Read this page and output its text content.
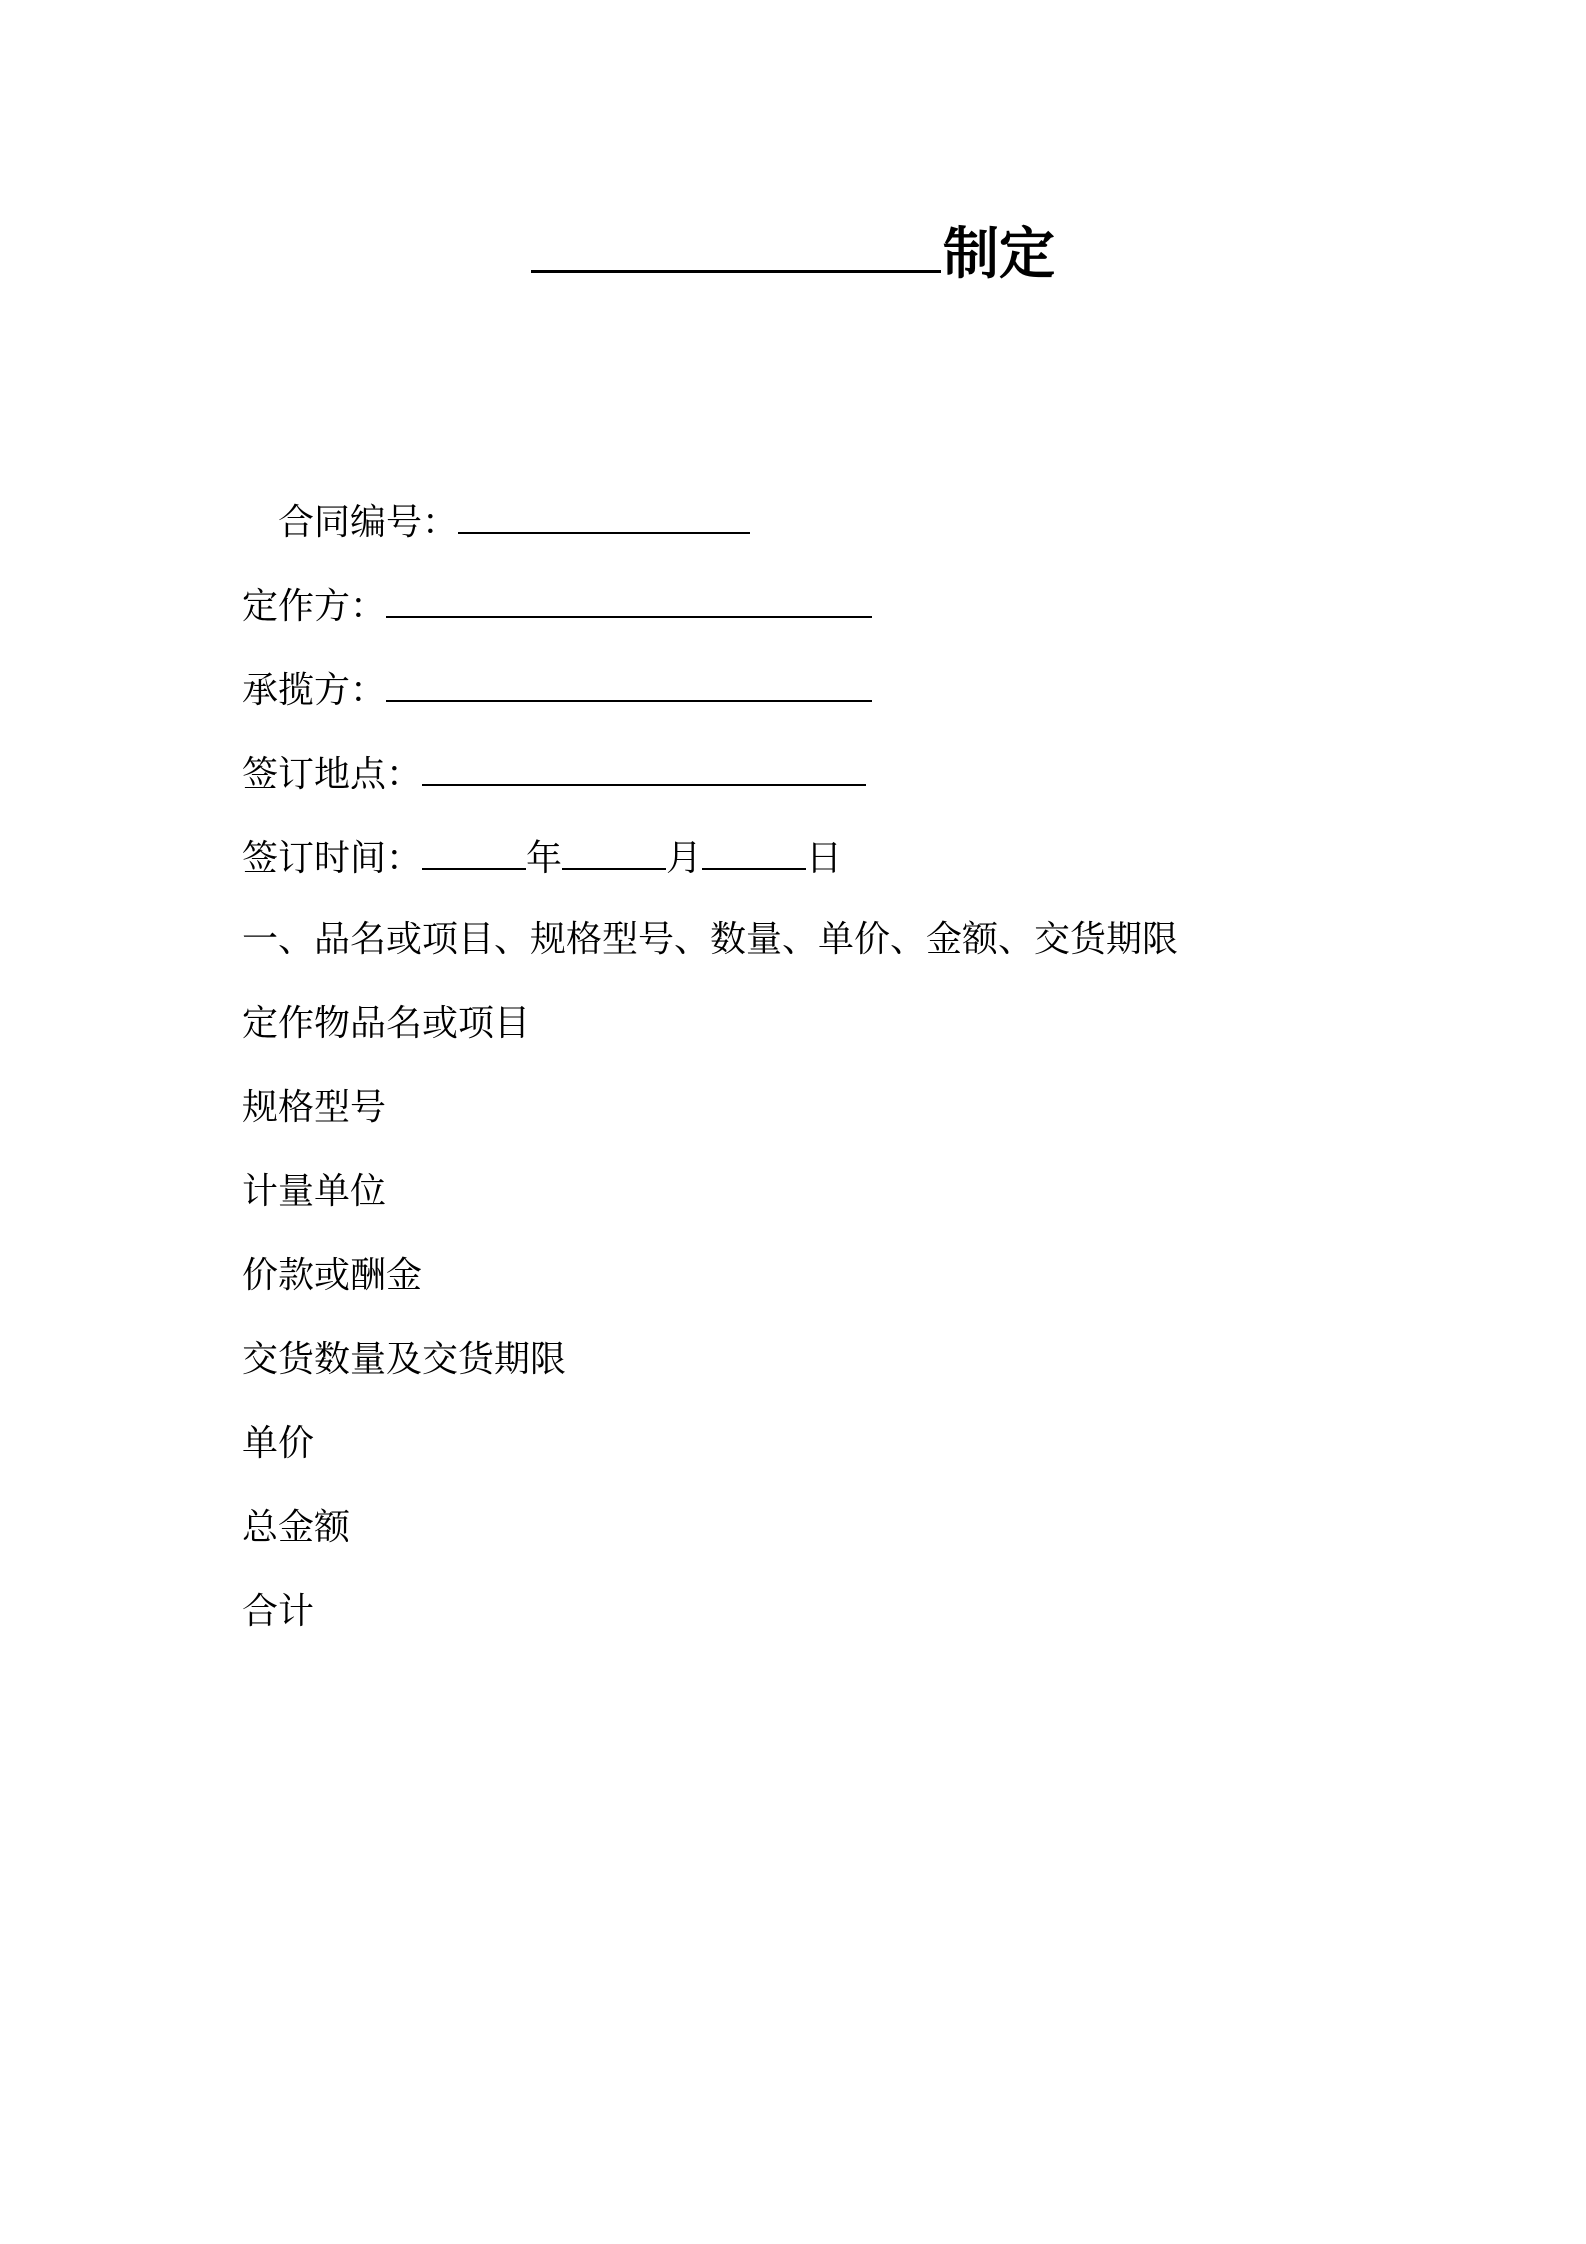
制定
合同编号：
定作方：
承揽方：
签订地点：
签订时间：	年	月	日
一、品名或项目、规格型号、数量、单价、金额、交货期限
定作物品名或项目
规格型号
计量单位
价款或酬金
交货数量及交货期限
单价
总金额
合计
